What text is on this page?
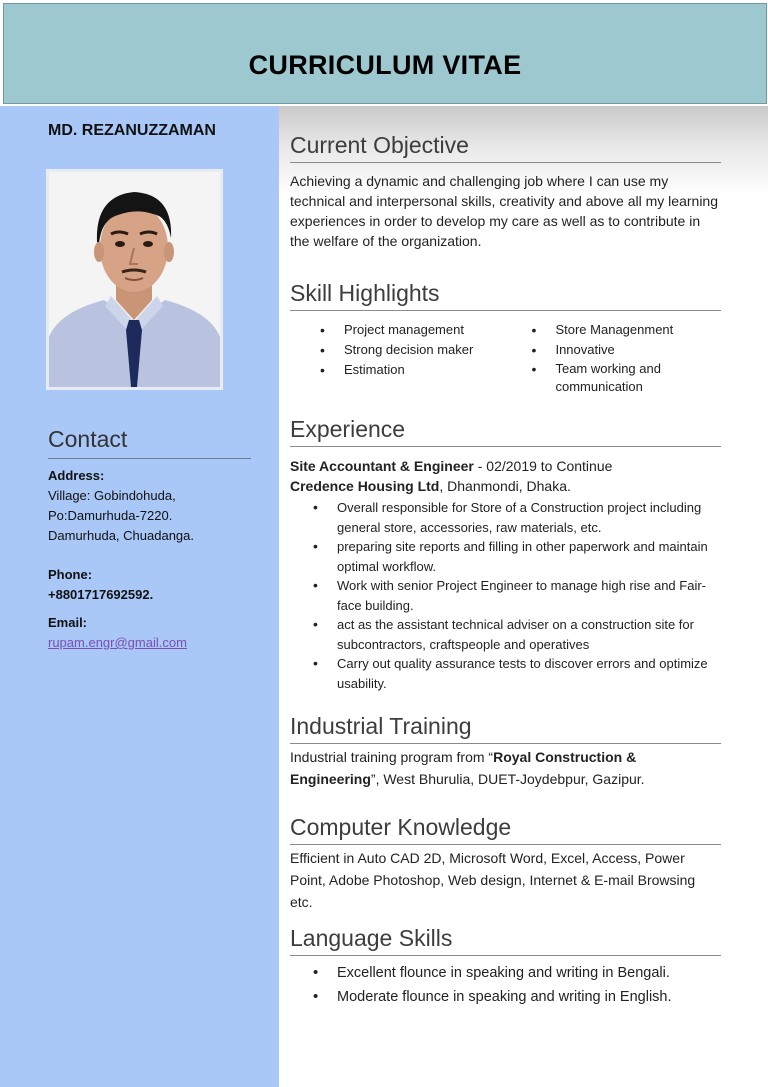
CURRICULUM VITAE
MD. REZANUZZAMAN
Contact
Address:
Village: Gobindohuda,
Po:Damurhuda-7220.
Damurhuda, Chuadanga.
Phone:
+8801717692592.
Email:
rupam.engr@gmail.com
Current Objective
Achieving a dynamic and challenging job where I can use my technical and interpersonal skills, creativity and above all my learning experiences in order to develop my care as well as to contribute in the welfare of the organization.
Skill Highlights
• Project management
• Strong decision maker
• Estimation
• Store Managenment
• Innovative
• Team working and communication
Experience
Site Accountant & Engineer - 02/2019 to Continue
Credence Housing Ltd, Dhanmondi, Dhaka.
• Overall responsible for Store of a Construction project including general store, accessories, raw materials, etc.
• preparing site reports and filling in other paperwork and maintain optimal workflow.
• Work with senior Project Engineer to manage high rise and Fair-face building.
• act as the assistant technical adviser on a construction site for subcontractors, craftspeople and operatives
• Carry out quality assurance tests to discover errors and optimize usability.
Industrial Training
Industrial training program from “Royal Construction & Engineering”, West Bhurulia, DUET-Joydebpur, Gazipur.
Computer Knowledge
Efficient in Auto CAD 2D, Microsoft Word, Excel, Access, Power Point, Adobe Photoshop, Web design, Internet & E-mail Browsing etc.
Language Skills
• Excellent flounce in speaking and writing in Bengali.
• Moderate flounce in speaking and writing in English.
